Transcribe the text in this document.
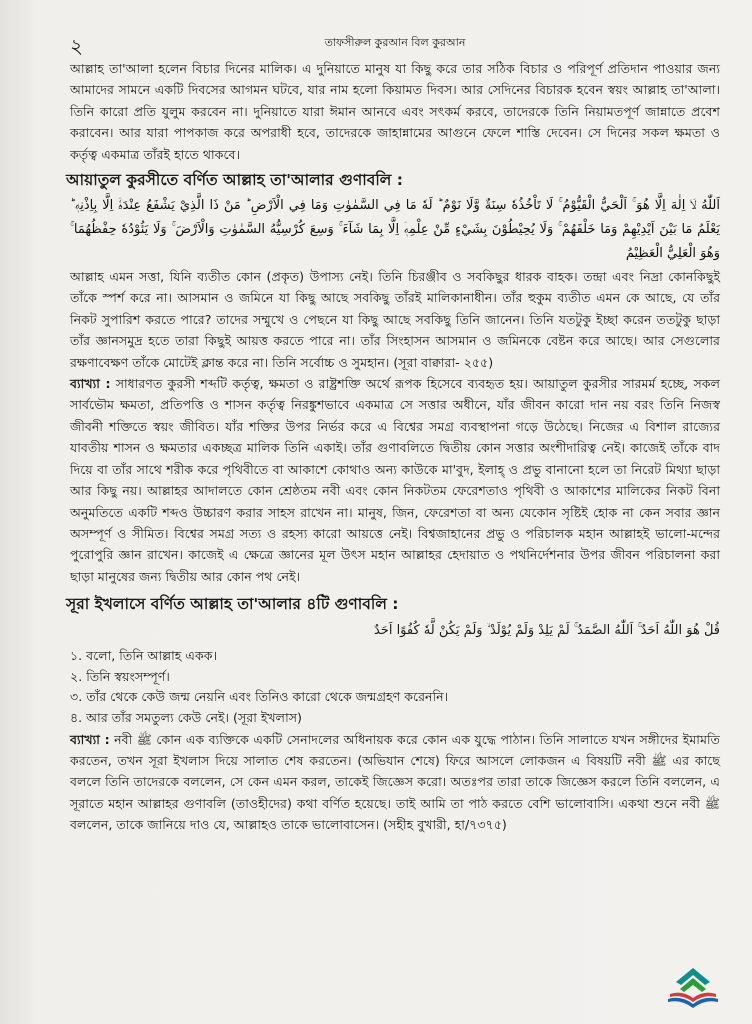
২	তাফসীরুল কুরআন বিল কুরআন

আল্লাহ তা'আলা হলেন বিচার দিনের মালিক। এ দুনিয়াতে মানুষ যা কিছু করে তার সঠিক বিচার ও পরিপূর্ণ প্রতিদান পাওয়ার জন্য আমাদের সামনে একটি দিবসের আগমন ঘটবে, যার নাম হলো কিয়ামত দিবস। আর সেদিনের বিচারক হবেন স্বয়ং আল্লাহ তা'আলা। তিনি কারো প্রতি যুলুম করবেন না। দুনিয়াতে যারা ঈমান আনবে এবং সৎকর্ম করবে, তাদেরকে তিনি নিয়ামতপূর্ণ জান্নাতে প্রবেশ করাবেন। আর যারা পাপকাজ করে অপরাধী হবে, তাদেরকে জাহান্নামের আগুনে ফেলে শাস্তি দেবেন। সে দিনের সকল ক্ষমতা ও কর্তৃত্ব একমাত্র তাঁরই হাতে থাকবে।

আয়াতুল কুরসীতে বর্ণিত আল্লাহ তা'আলার গুণাবলি :

اَللّٰهُ لَاۤ اِلٰهَ اِلَّا هُوَ ۚ اَلْحَيُّ الْقَيُّوْمُ ۚ لَا تَاْخُذُهٗ سِنَةٌ وَّلَا نَوْمٌ ؕ لَهٗ مَا فِي السَّمٰوٰتِ وَمَا فِي الْاَرْضِ ؕ مَنْ ذَا الَّذِيْ يَشْفَعُ عِنْدَهٗۤ اِلَّا بِاِذْنِهٖ ؕ يَعْلَمُ مَا بَيْنَ اَيْدِيْهِمْ وَمَا خَلْفَهُمْ ۚ وَلَا يُحِيْطُوْنَ بِشَيْءٍ مِّنْ عِلْمِهٖۤ اِلَّا بِمَا شَآءَ ۚ وَسِعَ كُرْسِيُّهُ السَّمٰوٰتِ وَالْاَرْضَ ۚ وَلَا يَئُوْدُهٗ حِفْظُهُمَا ۚ وَهُوَ الْعَلِيُّ الْعَظِيْمُ

আল্লাহ এমন সত্তা, যিনি ব্যতীত কোন (প্রকৃত) উপাস্য নেই। তিনি চিরঞ্জীব ও সবকিছুর ধারক বাহক। তন্দ্রা এবং নিদ্রা কোনকিছুই তাঁকে স্পর্শ করে না। আসমান ও জমিনে যা কিছু আছে সবকিছু তাঁরই মালিকানাধীন। তাঁর হুকুম ব্যতীত এমন কে আছে, যে তাঁর নিকট সুপারিশ করতে পারে? তাদের সম্মুখে ও পেছনে যা কিছু আছে সবকিছু তিনি জানেন। তিনি যতটুকু ইচ্ছা করেন ততটুকু ছাড়া তাঁর জ্ঞানসমুদ্র হতে তারা কিছুই আয়ত্ত করতে পারে না। তাঁর সিংহাসন আসমান ও জমিনকে বেষ্টন করে আছে। আর সেগুলোর রক্ষণাবেক্ষণ তাঁকে মোটেই ক্লান্ত করে না। তিনি সর্বোচ্চ ও সুমহান। (সূরা বাক্বারা- ২৫৫)

ব্যাখ্যা : সাধারণত কুরসী শব্দটি কর্তৃত্ব, ক্ষমতা ও রাষ্ট্রশক্তি অর্থে রূপক হিসেবে ব্যবহৃত হয়। আয়াতুল কুরসীর সারমর্ম হচ্ছে, সকল সার্বভৌম ক্ষমতা, প্রতিপত্তি ও শাসন কর্তৃত্ব নিরঙ্কুশভাবে একমাত্র সে সত্তার অধীনে, যাঁর জীবন কারো দান নয় বরং তিনি নিজস্ব জীবনী শক্তিতে স্বয়ং জীবিত। যাঁর শক্তির উপর নির্ভর করে এ বিশ্বের সমগ্র ব্যবস্থাপনা গড়ে উঠেছে। নিজের এ বিশাল রাজ্যের যাবতীয় শাসন ও ক্ষমতার একচ্ছত্র মালিক তিনি একাই। তাঁর গুণাবলিতে দ্বিতীয় কোন সত্তার অংশীদারিত্ব নেই। কাজেই তাঁকে বাদ দিয়ে বা তাঁর সাথে শরীক করে পৃথিবীতে বা আকাশে কোথাও অন্য কাউকে মা'বুদ, ইলাহ্ ও প্রভু বানানো হলে তা নিরেট মিথ্যা ছাড়া আর কিছু নয়। আল্লাহর আদালতে কোন শ্রেষ্ঠতম নবী এবং কোন নিকটতম ফেরেশতাও পৃথিবী ও আকাশের মালিকের নিকট বিনা অনুমতিতে একটি শব্দও উচ্চারণ করার সাহস রাখেন না। মানুষ, জিন, ফেরেশতা বা অন্য যেকোন সৃষ্টিই হোক না কেন সবার জ্ঞান অসম্পূর্ণ ও সীমিত। বিশ্বের সমগ্র সত্য ও রহস্য কারো আয়ত্তে নেই। বিশ্বজাহানের প্রভু ও পরিচালক মহান আল্লাহই ভালো-মন্দের পুরোপুরি জ্ঞান রাখেন। কাজেই এ ক্ষেত্রে জ্ঞানের মূল উৎস মহান আল্লাহর হেদায়াত ও পথনির্দেশনার উপর জীবন পরিচালনা করা ছাড়া মানুষের জন্য দ্বিতীয় আর কোন পথ নেই।

সূরা ইখলাসে বর্ণিত আল্লাহ তা'আলার ৪টি গুণাবলি :

قُلْ هُوَ اللّٰهُ اَحَدٌ ۚ اَللّٰهُ الصَّمَدُ ۚ لَمْ يَلِدْ وَلَمْ يُوْلَدْ ۙ وَلَمْ يَكُنْ لَّهٗ كُفُوًا اَحَدٌ

১. বলো, তিনি আল্লাহ একক।
২. তিনি স্বয়ংসম্পূর্ণ।
৩. তাঁর থেকে কেউ জন্ম নেয়নি এবং তিনিও কারো থেকে জন্মগ্রহণ করেননি।
৪. আর তাঁর সমতুল্য কেউ নেই। (সূরা ইখলাস)

ব্যাখ্যা : নবী ﷺ কোন এক ব্যক্তিকে একটি সেনাদলের অধিনায়ক করে কোন এক যুদ্ধে পাঠান। তিনি সালাতে যখন সঙ্গীদের ইমামতি করতেন, তখন সূরা ইখলাস দিয়ে সালাত শেষ করতেন। (অভিযান শেষে) ফিরে আসলে লোকজন এ বিষয়টি নবী ﷺ এর কাছে বললে তিনি তাদেরকে বললেন, সে কেন এমন করল, তাকেই জিজ্ঞেস করো। অতঃপর তারা তাকে জিজ্ঞেস করলে তিনি বললেন, এ সূরাতে মহান আল্লাহর গুণাবলি (তাওহীদের) কথা বর্ণিত হয়েছে। তাই আমি তা পাঠ করতে বেশি ভালোবাসি। একথা শুনে নবী ﷺ বললেন, তাকে জানিয়ে দাও যে, আল্লাহও তাকে ভালোবাসেন। (সহীহ বুখারী, হা/৭৩৭৫)
